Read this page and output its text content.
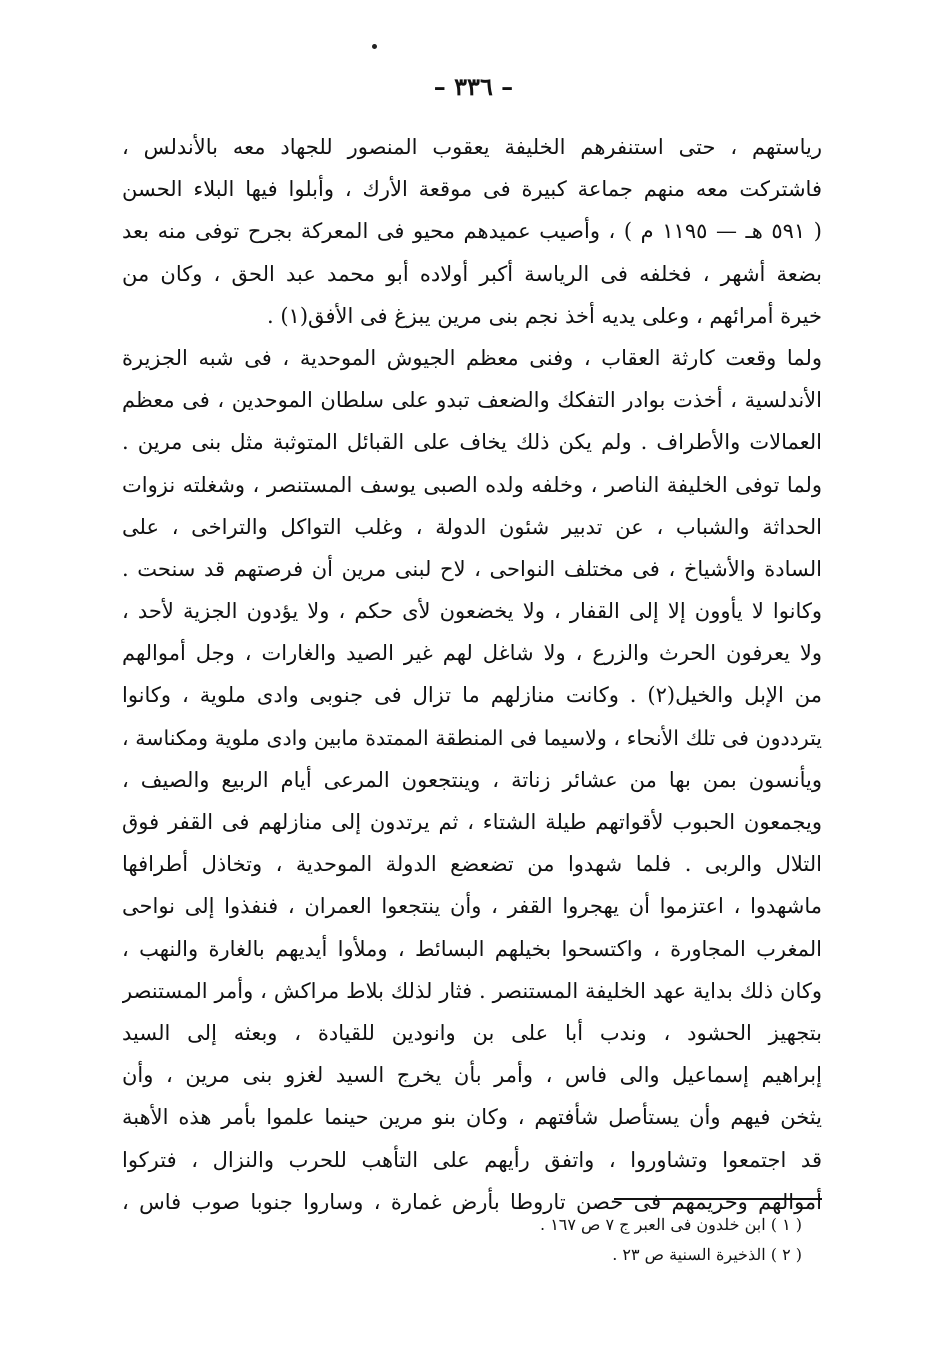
– ٣٣٦ –
رياستهم ، حتى استنفرهم الخليفة يعقوب المنصور للجهاد معه بالأندلس ،
فاشتركت معه منهم جماعة كبيرة فى موقعة الأرك ، وأبلوا فيها البلاء الحسن
( ٥٩١ هـ — ١١٩٥ م ) ، وأصيب عميدهم محيو فى المعركة بجرح توفى منه بعد
بضعة أشهر ، فخلفه فى الرياسة أكبر أولاده أبو محمد عبد الحق ، وكان من
خيرة أمرائهم ، وعلى يديه أخذ نجم بنى مرين يبزغ فى الأفق(١) .
ولما وقعت كارثة العقاب ، وفنى معظم الجيوش الموحدية ، فى شبه الجزيرة
الأندلسية ، أخذت بوادر التفكك والضعف تبدو على سلطان الموحدين ، فى معظم
العمالات والأطراف . ولم يكن ذلك يخاف على القبائل المتوثبة مثل بنى مرين .
ولما توفى الخليفة الناصر ، وخلفه ولده الصبى يوسف المستنصر ، وشغلته نزوات
الحداثة والشباب ، عن تدبير شئون الدولة ، وغلب التواكل والتراخى ، على
السادة والأشياخ ، فى مختلف النواحى ، لاح لبنى مرين أن فرصتهم قد سنحت .
وكانوا لا يأوون إلا إلى القفار ، ولا يخضعون لأى حكم ، ولا يؤدون الجزية لأحد ،
ولا يعرفون الحرث والزرع ، ولا شاغل لهم غير الصيد والغارات ، وجل أموالهم
من الإبل والخيل(٢) . وكانت منازلهم ما تزال فى جنوبى وادى ملوية ، وكانوا
يترددون فى تلك الأنحاء ، ولاسيما فى المنطقة الممتدة مابين وادى ملوية ومكناسة ،
ويأنسون بمن بها من عشائر زناتة ، وينتجعون المرعى أيام الربيع والصيف ،
ويجمعون الحبوب لأقواتهم طيلة الشتاء ، ثم يرتدون إلى منازلهم فى القفر فوق
التلال والربى . فلما شهدوا من تضعضع الدولة الموحدية ، وتخاذل أطرافها
ماشهدوا ، اعتزموا أن يهجروا القفر ، وأن ينتجعوا العمران ، فنفذوا إلى نواحى
المغرب المجاورة ، واكتسحوا بخيلهم البسائط ، وملأوا أيديهم بالغارة والنهب ،
وكان ذلك بداية عهد الخليفة المستنصر . فثار لذلك بلاط مراكش ، وأمر المستنصر
بتجهيز الحشود ، وندب أبا على بن وانودين للقيادة ، وبعثه إلى السيد
إبراهيم إسماعيل والى فاس ، وأمر بأن يخرج السيد لغزو بنى مرين ، وأن
يثخن فيهم وأن يستأصل شأفتهم ، وكان بنو مرين حينما علموا بأمر هذه الأهبة
قد اجتمعوا وتشاوروا ، واتفق رأيهم على التأهب للحرب والنزال ، فتركوا
أموالهم وحريمهم فى حصن تاروطا بأرض غمارة ، وساروا جنوبا صوب فاس ،
( ١ ) ابن خلدون فى العبر ج ٧ ص ١٦٧ .
( ٢ ) الذخيرة السنية ص ٢٣ .
